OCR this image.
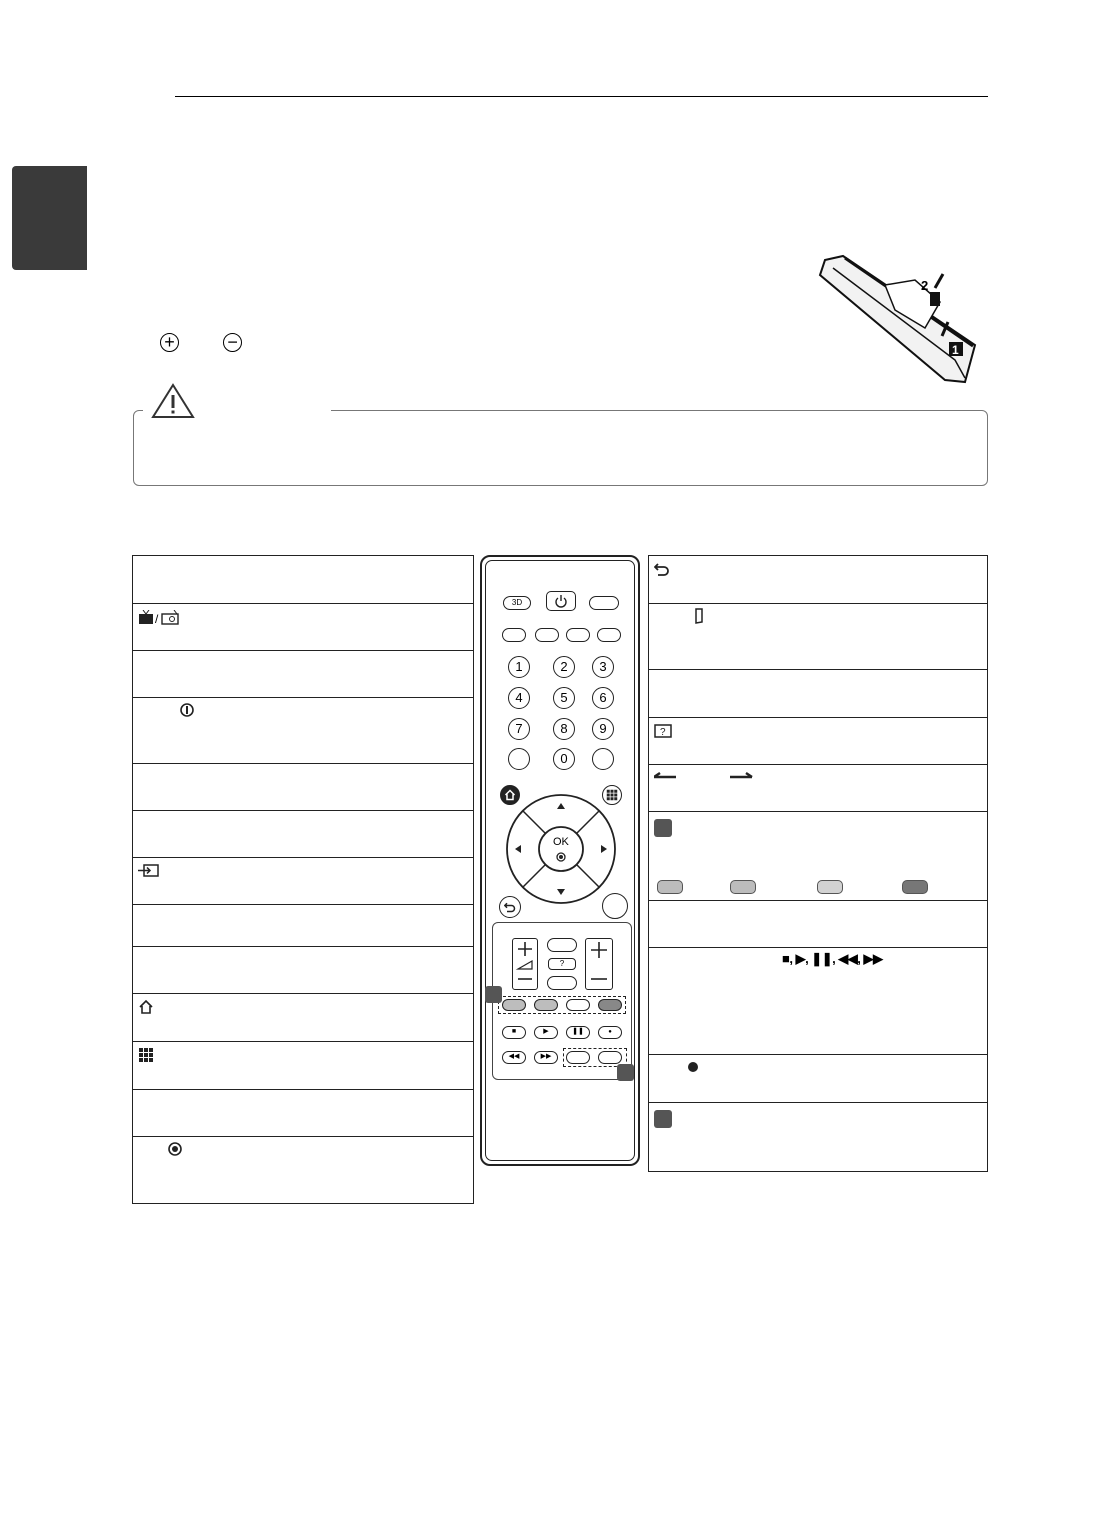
2
1
+	−
/
?
■, ▶, ❚❚, ◀◀, ▶▶
3D
1	2	3
4	5	6
7	8	9
0
OK
?
■	▶	❚❚	●
◀◀	▶▶
